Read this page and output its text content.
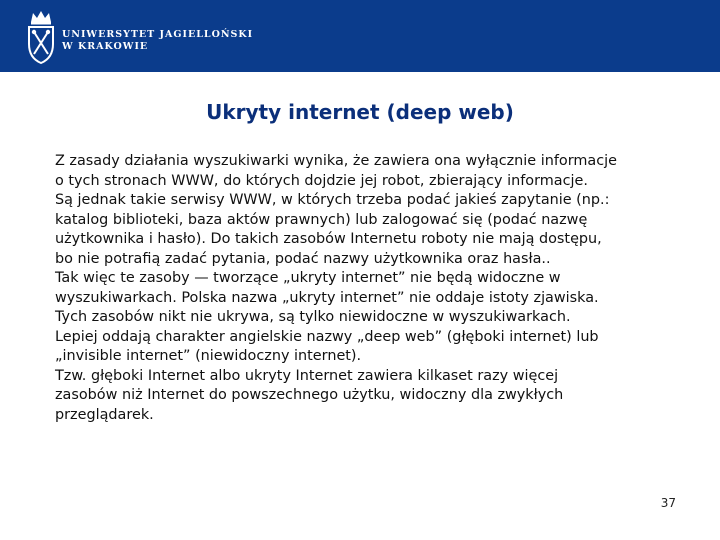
UNIWERSYTET JAGIELLOŃSKI
W KRAKOWIE
Ukryty internet (deep web)
Z zasady działania wyszukiwarki wynika, że zawiera ona wyłącznie informacje
o tych stronach WWW, do których dojdzie jej robot, zbierający informacje.
Są jednak takie serwisy WWW, w których trzeba podać jakieś zapytanie (np.:
katalog biblioteki, baza aktów prawnych) lub zalogować się (podać nazwę
użytkownika i hasło). Do takich zasobów Internetu roboty nie mają dostępu,
bo nie potrafią zadać pytania, podać nazwy użytkownika oraz hasła..
Tak więc te zasoby — tworzące „ukryty internet” nie będą widoczne w
wyszukiwarkach. Polska nazwa „ukryty internet” nie oddaje istoty zjawiska.
Tych zasobów nikt nie ukrywa, są tylko niewidoczne w wyszukiwarkach.
Lepiej oddają charakter angielskie nazwy „deep web” (głęboki internet) lub
„invisible internet” (niewidoczny internet).
Tzw. głęboki Internet albo ukryty Internet zawiera kilkaset razy więcej
zasobów niż Internet do powszechnego użytku, widoczny dla zwykłych
przeglądarek.
37
